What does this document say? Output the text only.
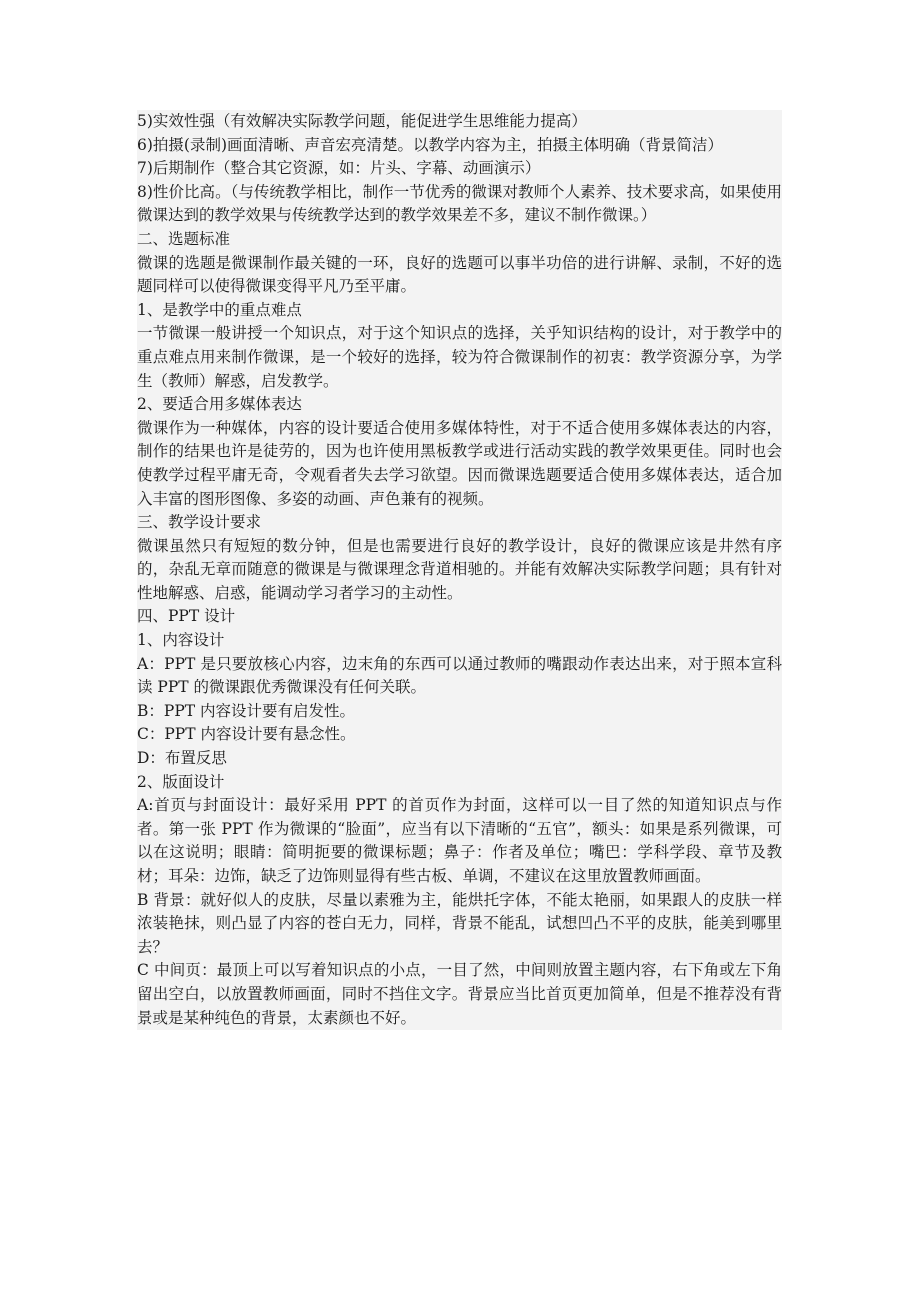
5)实效性强（有效解决实际教学问题，能促进学生思维能力提高）

6)拍摄(录制)画面清晰、声音宏亮清楚。以教学内容为主，拍摄主体明确（背景简洁）

7)后期制作（整合其它资源，如：片头、字幕、动画演示）

8)性价比高。（与传统教学相比，制作一节优秀的微课对教师个人素养、技术要求高，如果使用微课达到的教学效果与传统教学达到的教学效果差不多，建议不制作微课。）

二、选题标准

微课的选题是微课制作最关键的一环，良好的选题可以事半功倍的进行讲解、录制，不好的选题同样可以使得微课变得平凡乃至平庸。

1、是教学中的重点难点

一节微课一般讲授一个知识点，对于这个知识点的选择，关乎知识结构的设计，对于教学中的重点难点用来制作微课，是一个较好的选择，较为符合微课制作的初衷：教学资源分享，为学生（教师）解惑，启发教学。

2、要适合用多媒体表达

微课作为一种媒体，内容的设计要适合使用多媒体特性，对于不适合使用多媒体表达的内容，制作的结果也许是徒劳的，因为也许使用黑板教学或进行活动实践的教学效果更佳。同时也会使教学过程平庸无奇，令观看者失去学习欲望。因而微课选题要适合使用多媒体表达，适合加入丰富的图形图像、多姿的动画、声色兼有的视频。

三、教学设计要求

微课虽然只有短短的数分钟，但是也需要进行良好的教学设计，良好的微课应该是井然有序的，杂乱无章而随意的微课是与微课理念背道相驰的。并能有效解决实际教学问题；具有针对性地解惑、启惑，能调动学习者学习的主动性。

四、PPT 设计

1、内容设计

A：PPT 是只要放核心内容，边末角的东西可以通过教师的嘴跟动作表达出来，对于照本宣科读 PPT 的微课跟优秀微课没有任何关联。

B：PPT 内容设计要有启发性。

C：PPT 内容设计要有悬念性。

D：布置反思

2、版面设计

A:首页与封面设计：最好采用 PPT 的首页作为封面，这样可以一目了然的知道知识点与作者。第一张 PPT 作为微课的“脸面”，应当有以下清晰的“五官”，额头：如果是系列微课，可以在这说明；眼睛：简明扼要的微课标题；鼻子：作者及单位；嘴巴：学科学段、章节及教材；耳朵：边饰，缺乏了边饰则显得有些古板、单调，不建议在这里放置教师画面。

B 背景：就好似人的皮肤，尽量以素雅为主，能烘托字体，不能太艳丽，如果跟人的皮肤一样浓装艳抹，则凸显了内容的苍白无力，同样，背景不能乱，试想凹凸不平的皮肤，能美到哪里去？

C 中间页：最顶上可以写着知识点的小点，一目了然，中间则放置主题内容，右下角或左下角留出空白，以放置教师画面，同时不挡住文字。背景应当比首页更加简单，但是不推荐没有背景或是某种纯色的背景，太素颜也不好。
